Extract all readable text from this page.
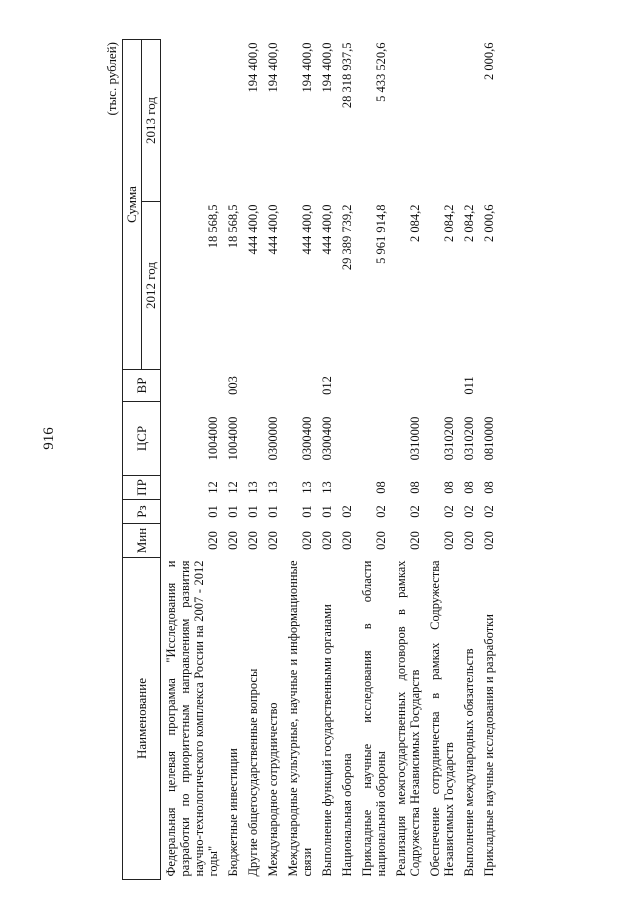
916
(тыс. рублей)
Наименование	Мин	Рз	ПР	ЦСР	ВР	Сумма	
						2012 год	2013 год
Федеральная целевая программа "Исследования и разработки по приоритетным направлениям развития научно-технологического комплекса России на 2007 - 2012 годы"	020	01	12	1004000		18 568,5	
Бюджетные инвестиции	020	01	12	1004000	003	18 568,5	
Другие общегосударственные вопросы	020	01	13			444 400,0	194 400,0
Международное сотрудничество	020	01	13	0300000		444 400,0	194 400,0
Международные культурные, научные и информационные связи	020	01	13	0300400		444 400,0	194 400,0
Выполнение функций государственными органами	020	01	13	0300400	012	444 400,0	194 400,0
Национальная оборона	020	02				29 389 739,2	28 318 937,5
Прикладные научные исследования в области национальной обороны	020	02	08			5 961 914,8	5 433 520,6
Реализация межгосударственных договоров в рамках Содружества Независимых Государств	020	02	08	0310000		2 084,2	
Обеспечение сотрудничества в рамках Содружества Независимых Государств	020	02	08	0310200		2 084,2	
Выполнение международных обязательств	020	02	08	0310200	011	2 084,2	
Прикладные научные исследования и разработки	020	02	08	0810000		2 000,6	2 000,6
